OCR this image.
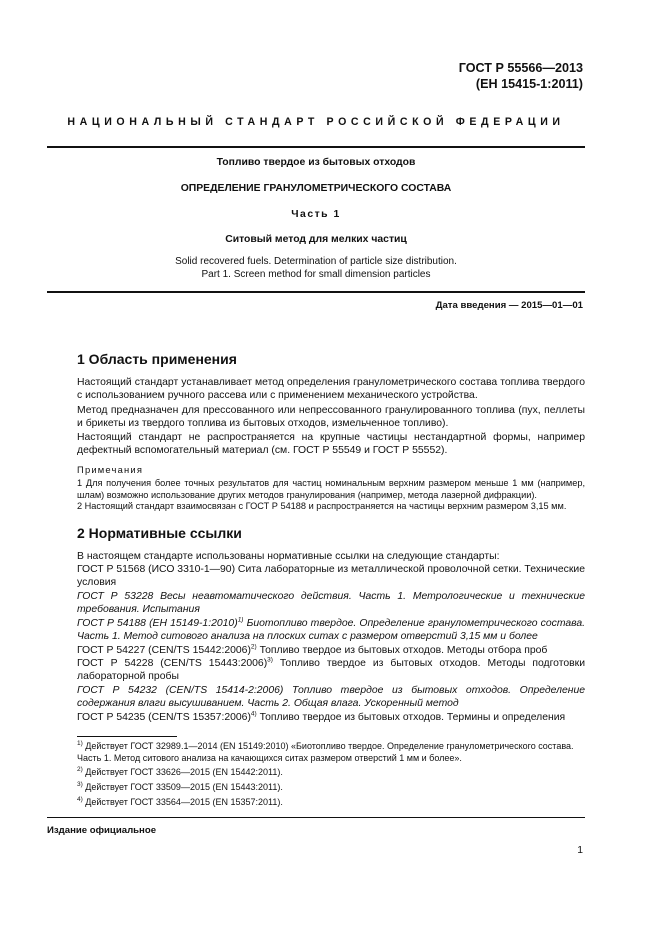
ГОСТ Р 55566—2013
(ЕН 15415-1:2011)
НАЦИОНАЛЬНЫЙ СТАНДАРТ РОССИЙСКОЙ ФЕДЕРАЦИИ
Топливо твердое из бытовых отходов
ОПРЕДЕЛЕНИЕ ГРАНУЛОМЕТРИЧЕСКОГО СОСТАВА
Часть 1
Ситовый метод для мелких частиц
Solid recovered fuels. Determination of particle size distribution.
Part 1. Screen method for small dimension particles
Дата введения — 2015—01—01
1 Область применения
Настоящий стандарт устанавливает метод определения гранулометрического состава топлива твердого с использованием ручного рассева или с применением механического устройства.
Метод предназначен для прессованного или непрессованного гранулированного топлива (пух, пеллеты и брикеты из твердого топлива из бытовых отходов, измельченное топливо).
Настоящий стандарт не распространяется на крупные частицы нестандартной формы, например дефектный вспомогательный материал (см. ГОСТ Р 55549 и ГОСТ Р 55552).
Примечания
1 Для получения более точных результатов для частиц номинальным верхним размером меньше 1 мм (например, шлам) возможно использование других методов гранулирования (например, метода лазерной дифракции).
2 Настоящий стандарт взаимосвязан с ГОСТ Р 54188 и распространяется на частицы верхним размером 3,15 мм.
2 Нормативные ссылки
В настоящем стандарте использованы нормативные ссылки на следующие стандарты:
ГОСТ Р 51568 (ИСО 3310-1—90) Сита лабораторные из металлической проволочной сетки. Технические условия
ГОСТ Р 53228 Весы неавтоматического действия. Часть 1. Метрологические и технические требования. Испытания
ГОСТ Р 54188 (ЕН 15149-1:2010)$^{1)}$ Биотопливо твердое. Определение гранулометрического состава. Часть 1. Метод ситового анализа на плоских ситах с размером отверстий 3,15 мм и более
ГОСТ Р 54227 (CEN/TS 15442:2006)$^{2)}$ Топливо твердое из бытовых отходов. Методы отбора проб
ГОСТ Р 54228 (CEN/TS 15443:2006)$^{3)}$ Топливо твердое из бытовых отходов. Методы подготовки лабораторной пробы
ГОСТ Р 54232 (CEN/TS 15414-2:2006) Топливо твердое из бытовых отходов. Определение содержания влаги высушиванием. Часть 2. Общая влага. Ускоренный метод
ГОСТ Р 54235 (CEN/TS 15357:2006)$^{4)}$ Топливо твердое из бытовых отходов. Термины и определения
$^{1)}$ Действует ГОСТ 32989.1—2014 (EN 15149:2010) «Биотопливо твердое. Определение гранулометрического состава. Часть 1. Метод ситового анализа на качающихся ситах размером отверстий 1 мм и более».
$^{2)}$ Действует ГОСТ 33626—2015 (EN 15442:2011).
$^{3)}$ Действует ГОСТ 33509—2015 (EN 15443:2011).
$^{4)}$ Действует ГОСТ 33564—2015 (EN 15357:2011).
Издание официальное
1
